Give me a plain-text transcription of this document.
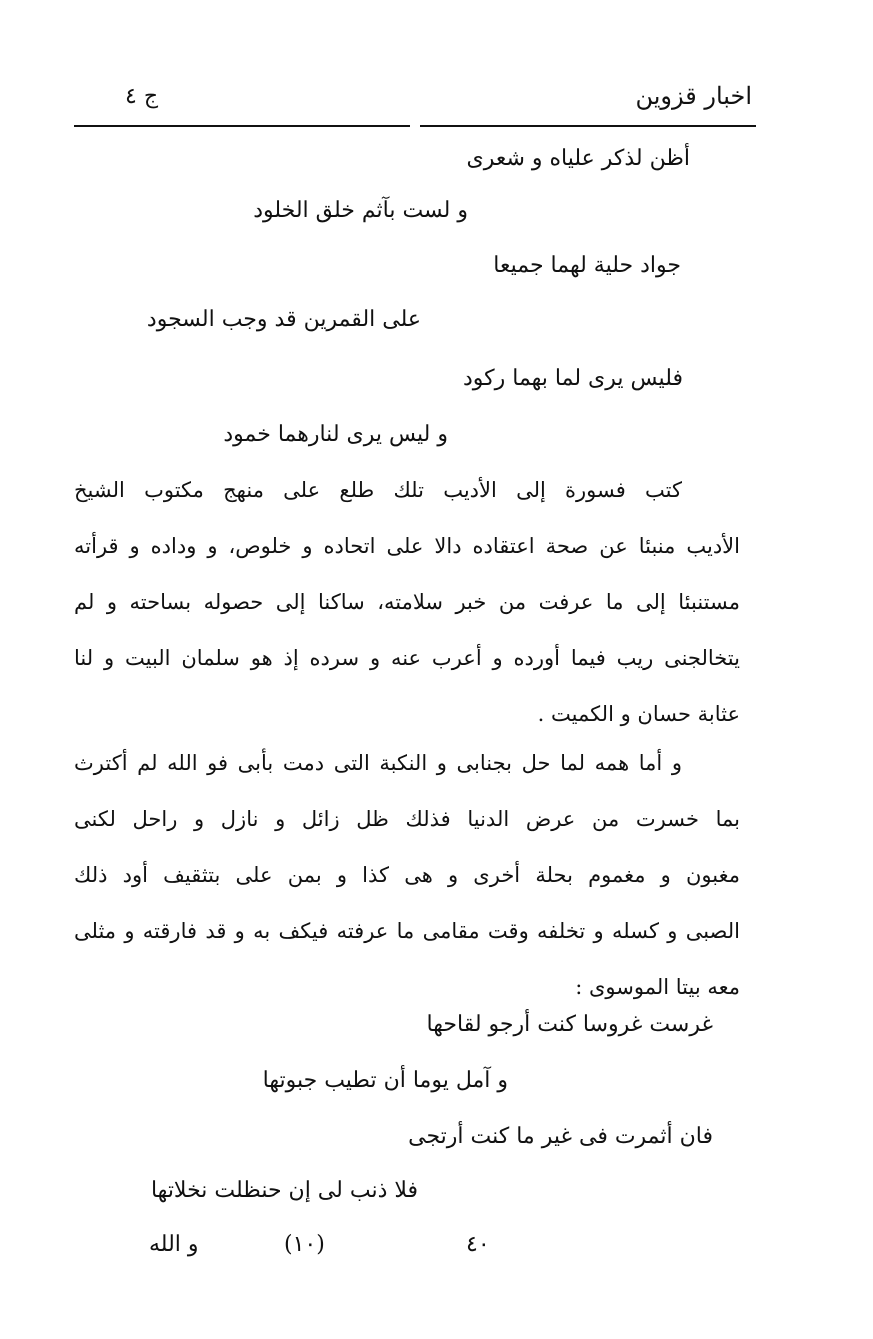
اخبار قزوين
ج ٤
أظن لذكر علياه و شعرى
و لست بآثم خلق الخلود
جواد حلية لهما جميعا
على القمرين قد وجب السجود
فليس يرى لما بهما ركود
و ليس يرى لنارهما خمود
كتب فسورة إلى الأديب تلك طلع على منهج مكتوب الشيخ
الأديب منبئا عن صحة اعتقاده دالا على اتحاده و خلوص، و وداده و قرأته
مستنبئا إلى ما عرفت من خبر سلامته، ساكنا إلى حصوله بساحته و لم
يتخالجنى ريب فيما أورده و أعرب عنه و سرده إذ هو سلمان البيت و لنا
عثابة حسان و الكميت .
و أما همه لما حل بجنابى و النكبة التى دمت بأبى فو الله لم أكترث
بما خسرت من عرض الدنيا فذلك ظل زائل و نازل و راحل لكنى
مغبون و مغموم بحلة أخرى و هى كذا و بمن على بتثقيف أود ذلك
الصبى و كسله و تخلفه وقت مقامى ما عرفته فيكف به و قد فارقته و مثلى
معه بيتا الموسوى :
غرست غروسا كنت أرجو لقاحها
و آمل يوما أن تطيب جبوتها
فان أثمرت فى غير ما كنت أرتجى
فلا ذنب لى إن حنظلت نخلاتها
و الله	(١٠)	٤٠
